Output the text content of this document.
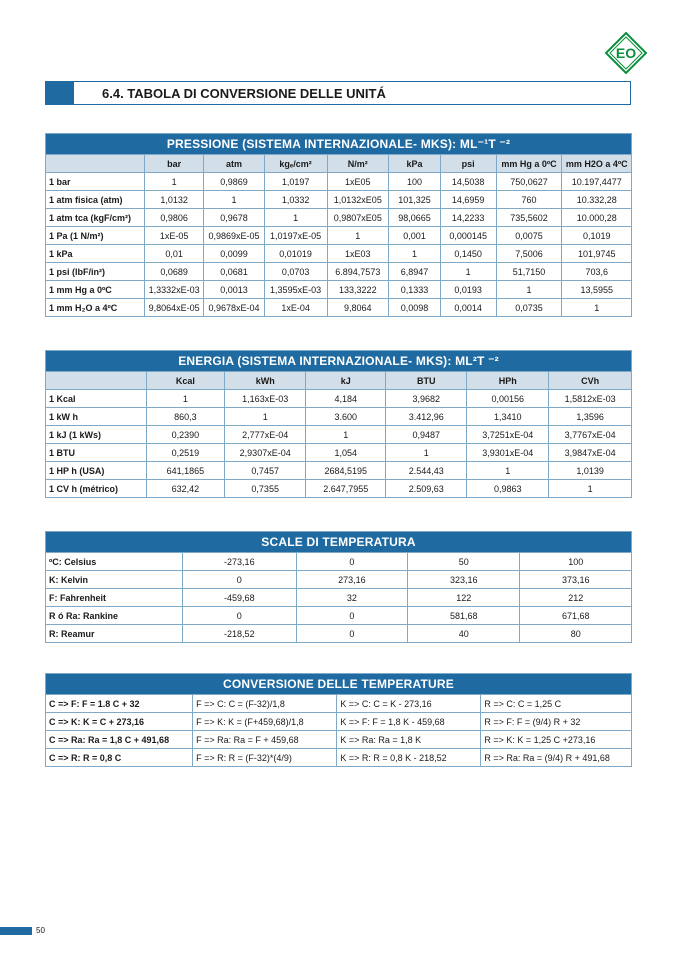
EO
6.4. TABOLA DI CONVERSIONE DELLE UNITÁ
PRESSIONE (SISTEMA INTERNAZIONALE- MKS): ML⁻¹T ⁻²								
	bar	atm	kgₑ/cm²	N/m²	kPa	psi	mm Hg a 0ºC	mm H2O a 4ºC
1 bar	1	0,9869	1,0197	1xE05	100	14,5038	750,0627	10.197,4477
1 atm fisica (atm)	1,0132	1	1,0332	1,0132xE05	101,325	14,6959	760	10.332,28
1 atm tca (kgF/cm²)	0,9806	0,9678	1	0,9807xE05	98,0665	14,2233	735,5602	10.000,28
1 Pa (1 N/m²)	1xE-05	0,9869xE-05	1,0197xE-05	1	0,001	0,000145	0,0075	0,1019
1 kPa	0,01	0,0099	0,01019	1xE03	1	0,1450	7,5006	101,9745
1 psi (lbF/in²)	0,0689	0,0681	0,0703	6.894,7573	6,8947	1	51,7150	703,6
1 mm Hg a 0ºC	1,3332xE-03	0,0013	1,3595xE-03	133,3222	0,1333	0,0193	1	13,5955
1 mm H₂O a 4ºC	9,8064xE-05	0,9678xE-04	1xE-04	9,8064	0,0098	0,0014	0,0735	1
ENERGIA (SISTEMA INTERNAZIONALE- MKS): ML²T ⁻²						
	Kcal	kWh	kJ	BTU	HPh	CVh
1 Kcal	1	1,163xE-03	4,184	3,9682	0,00156	1,5812xE-03
1 kW h	860,3	1	3.600	3.412,96	1,3410	1,3596
1 kJ (1 kWs)	0,2390	2,777xE-04	1	0,9487	3,7251xE-04	3,7767xE-04
1 BTU	0,2519	2,9307xE-04	1,054	1	3,9301xE-04	3,9847xE-04
1 HP h (USA)	641,1865	0,7457	2684,5195	2.544,43	1	1,0139
1 CV h (métrico)	632,42	0,7355	2.647,7955	2.509,63	0,9863	1
SCALE DI TEMPERATURA				
ºC: Celsius	-273,16	0	50	100
K: Kelvin	0	273,16	323,16	373,16
F: Fahrenheit	-459,68	32	122	212
R ó Ra: Rankine	0	0	581,68	671,68
R: Reamur	-218,52	0	40	80
CONVERSIONE DELLE TEMPERATURE			
C => F: F = 1.8 C + 32	F => C: C = (F-32)/1,8	K => C: C = K - 273,16	R => C: C = 1,25 C
C => K: K = C + 273,16	F => K: K = (F+459,68)/1,8	K => F: F = 1,8 K - 459,68	R => F: F = (9/4) R + 32
C => Ra: Ra = 1,8 C + 491,68	F => Ra: Ra = F + 459,68	K => Ra: Ra = 1,8 K	R => K: K = 1,25 C +273,16
C => R: R = 0,8 C	F => R: R = (F-32)*(4/9)	K => R: R = 0,8 K - 218,52	R => Ra: Ra = (9/4) R + 491,68
50
